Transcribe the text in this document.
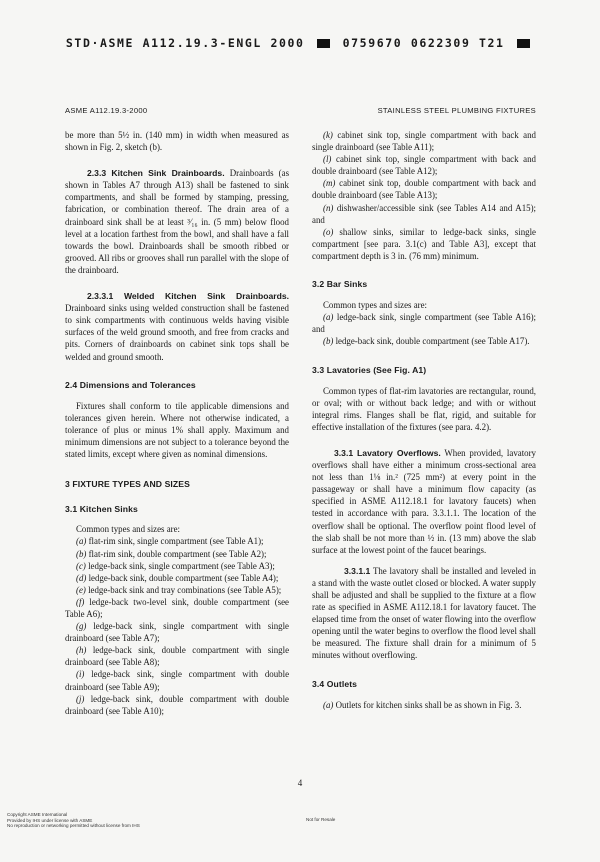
STD·ASME A112.19.3-ENGL 2000	0759670 0622309 T21
ASME A112.19.3-2000	STAINLESS STEEL PLUMBING FIXTURES

be more than 5½ in. (140 mm) in width when measured as shown in Fig. 2, sketch (b).

2.3.3 Kitchen Sink Drainboards. Drainboards (as shown in Tables A7 through A13) shall be fastened to sink compartments, and shall be formed by stamping, pressing, fabrication, or combination thereof. The drain area of a drainboard sink shall be at least ³⁄₁₆ in. (5 mm) below flood level at a location farthest from the bowl, and shall have a fall towards the bowl. Drainboards shall be smooth ribbed or grooved. All ribs or grooves shall run parallel with the slope of the drainboard.

2.3.3.1 Welded Kitchen Sink Drainboards. Drainboard sinks using welded construction shall be fastened to sink compartments with continuous welds having visible surfaces of the weld ground smooth, and free from cracks and pits. Corners of drainboards on cabinet sink tops shall be welded and ground smooth.

2.4 Dimensions and Tolerances

Fixtures shall conform to tile applicable dimensions and tolerances given herein. Where not otherwise indicated, a tolerance of plus or minus 1% shall apply. Maximum and minimum dimensions are not subject to a tolerance beyond the stated limits, except where given as nominal dimensions.

3 FIXTURE TYPES AND SIZES
3.1 Kitchen Sinks

Common types and sizes are:

(a) flat-rim sink, single compartment (see Table A1);

(b) flat-rim sink, double compartment (see Table A2);

(c) ledge-back sink, single compartment (see Table A3);

(d) ledge-back sink, double compartment (see Table A4);

(e) ledge-back sink and tray combinations (see Table A5);

(f) ledge-back two-level sink, double compartment (see Table A6);

(g) ledge-back sink, single compartment with single drainboard (see Table A7);

(h) ledge-back sink, double compartment with single drainboard (see Table A8);

(i) ledge-back sink, single compartment with double drainboard (see Table A9);

(j) ledge-back sink, double compartment with double drainboard (see Table A10);

(k) cabinet sink top, single compartment with back and single drainboard (see Table A11);

(l) cabinet sink top, single compartment with back and double drainboard (see Table A12);

(m) cabinet sink top, double compartment with back and double drainboard (see Table A13);

(n) dishwasher/accessible sink (see Tables A14 and A15); and

(o) shallow sinks, similar to ledge-back sinks, single compartment [see para. 3.1(c) and Table A3], except that compartment depth is 3 in. (76 mm) minimum.

3.2 Bar Sinks

Common types and sizes are:

(a) ledge-back sink, single compartment (see Table A16); and

(b) ledge-back sink, double compartment (see Table A17).

3.3 Lavatories (See Fig. A1)

Common types of flat-rim lavatories are rectangular, round, or oval; with or without back ledge; and with or without integral rims. Flanges shall be flat, rigid, and suitable for effective installation of the fixtures (see para. 4.2).

3.3.1 Lavatory Overflows. When provided, lavatory overflows shall have either a minimum cross-sectional area not less than 1⅛ in.² (725 mm²) at every point in the passageway or shall have a minimum flow capacity (as specified in ASME A112.18.1 for lavatory faucets) when tested in accordance with para. 3.3.1.1. The location of the overflow shall be optional. The overflow point flood level of the slab shall be not more than ½ in. (13 mm) above the slab surface at the lowest point of the faucet bearings.

3.3.1.1 The lavatory shall be installed and leveled in a stand with the waste outlet closed or blocked. A water supply shall be adjusted and shall be supplied to the fixture at a flow rate as specified in ASME A112.18.1 for lavatory faucet. The elapsed time from the onset of water flowing into the overflow opening until the water begins to overflow the flood level shall be measured. The fixture shall drain for a minimum of 5 minutes without overflowing.

3.4 Outlets

(a) Outlets for kitchen sinks shall be as shown in Fig. 3.

4
Copyright ASME International
Provided by IHS under license with ASME
No reproduction or networking permitted without license from IHS
Not for Resale
